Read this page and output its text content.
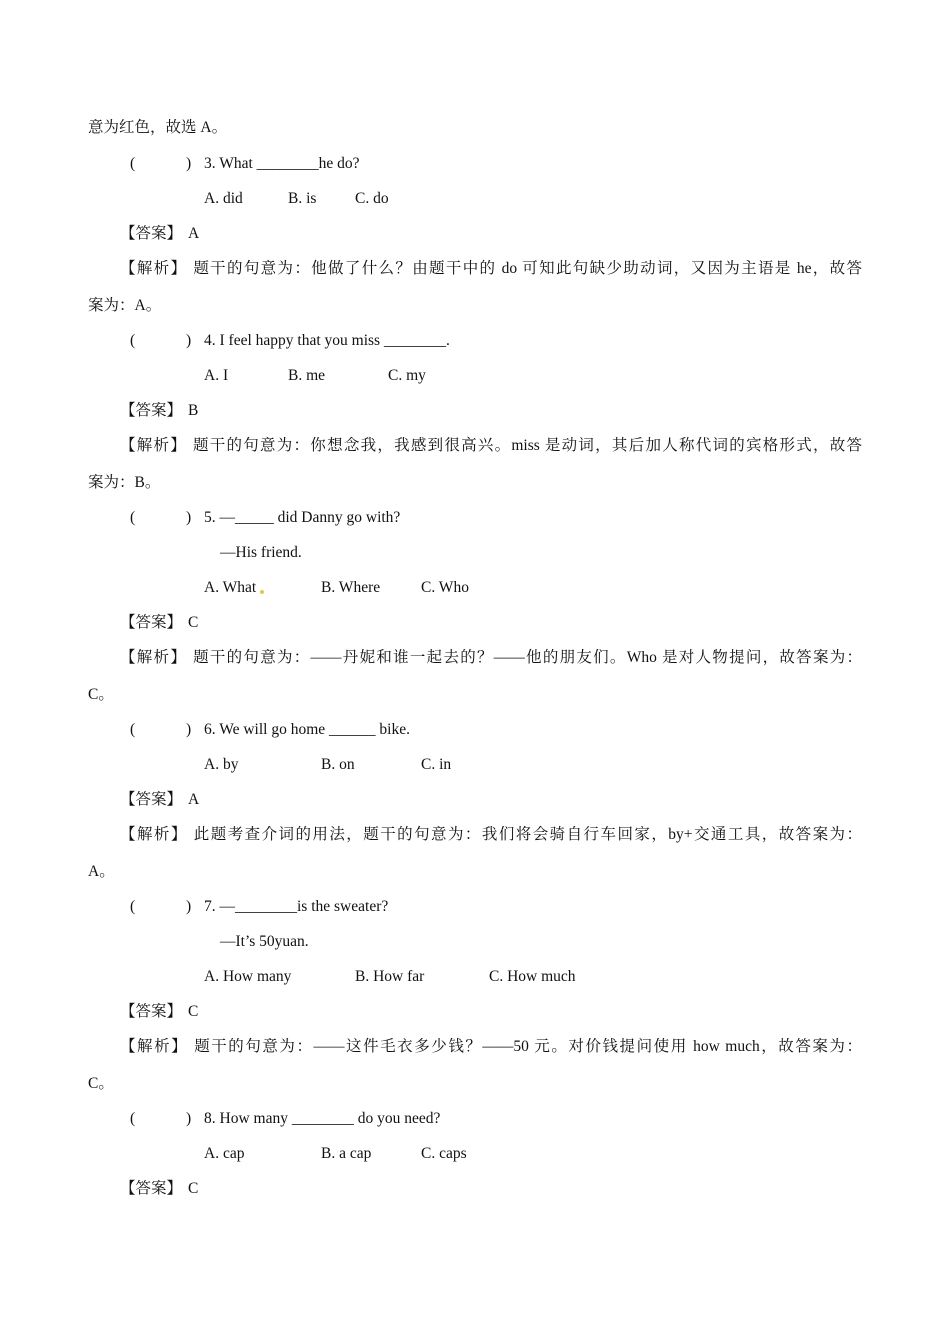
意为红色，故选 A。
(	) 3. What ________he do?
A. did	B. is C. do
【答案】 A
【解析】 题干的句意为：他做了什么？由题干中的 do 可知此句缺少助动词，又因为主语是 he，故答
案为：A。
(	) 4. I feel happy that you miss ________.
A. I	B. me	C. my
【答案】 B
【解析】 题干的句意为：你想念我，我感到很高兴。miss 是动词，其后加人称代词的宾格形式，故答
案为：B。
(	) 5. —_____ did Danny go with?
—His friend.
A. What	B. Where	C. Who
【答案】 C
【解析】 题干的句意为：——丹妮和谁一起去的？——他的朋友们。Who 是对人物提问，故答案为：
C。
(	) 6. We will go home ______ bike.
A. by	B. on	C. in
【答案】 A
【解析】 此题考查介词的用法，题干的句意为：我们将会骑自行车回家，by+交通工具，故答案为：
A。
(	) 7. —________is the sweater?
—It’s 50yuan.
A. How many	B. How far	C. How much
【答案】 C
【解析】 题干的句意为：——这件毛衣多少钱？——50 元。对价钱提问使用 how much，故答案为：
C。
(	) 8. How many ________ do you need?
A. cap	B. a cap	C. caps
【答案】 C
